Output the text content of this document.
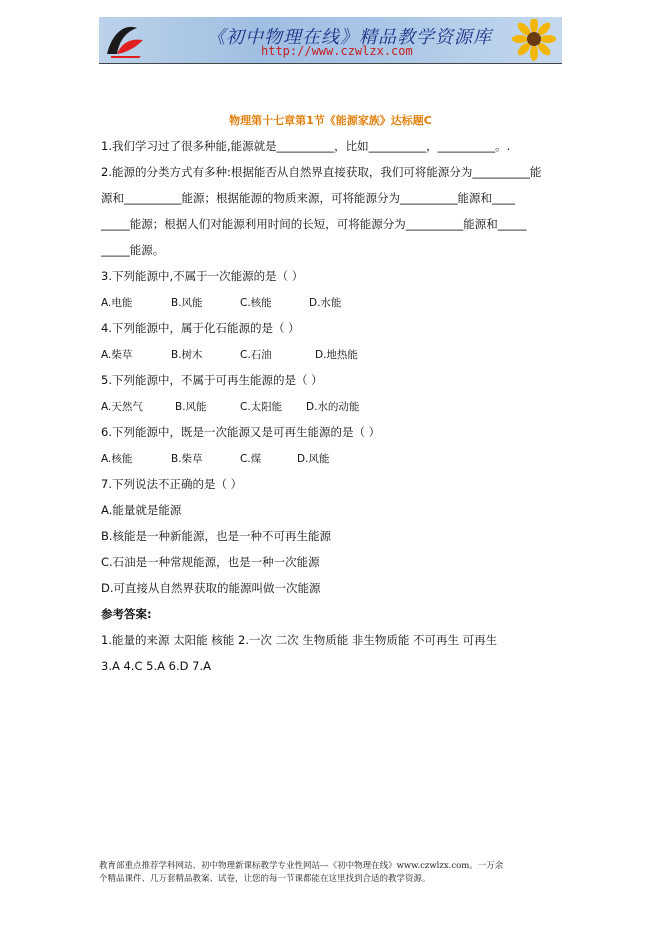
《初中物理在线》精品教学资源库
http://www.czwlzx.com
物理第十七章第1节《能源家族》达标题C
1.我们学习过了很多种能,能源就是__________，比如__________，__________。.
2.能源的分类方式有多种:根据能否从自然界直接获取，我们可将能源分为__________能
源和__________能源；根据能源的物质来源，可将能源分为__________能源和____
_____能源；根据人们对能源利用时间的长短，可将能源分为__________能源和_____
_____能源。
3.下列能源中,不属于一次能源的是（ ）
A.电能	B.风能	C.核能	D.水能
4.下列能源中，属于化石能源的是（ ）
A.柴草	B.树木	C.石油	D.地热能
5.下列能源中，不属于可再生能源的是（ ）
A.天然气	B.风能	C.太阳能 D.水的动能
6.下列能源中，既是一次能源又是可再生能源的是（ ）
A.核能	B.柴草	C.煤	D.风能
7.下列说法不正确的是（ ）
A.能量就是能源
B.核能是一种新能源，也是一种不可再生能源
C.石油是一种常规能源，也是一种一次能源
D.可直接从自然界获取的能源叫做一次能源
参考答案:
1.能量的来源 太阳能 核能 2.一次 二次 生物质能 非生物质能 不可再生 可再生
3.A 4.C 5.A 6.D 7.A
教育部重点推荐学科网站、初中物理新课标教学专业性网站---《初中物理在线》www.czwlzx.com。一万余
个精品课件、几万套精品教案、试卷，让您的每一节课都能在这里找到合适的教学资源。
